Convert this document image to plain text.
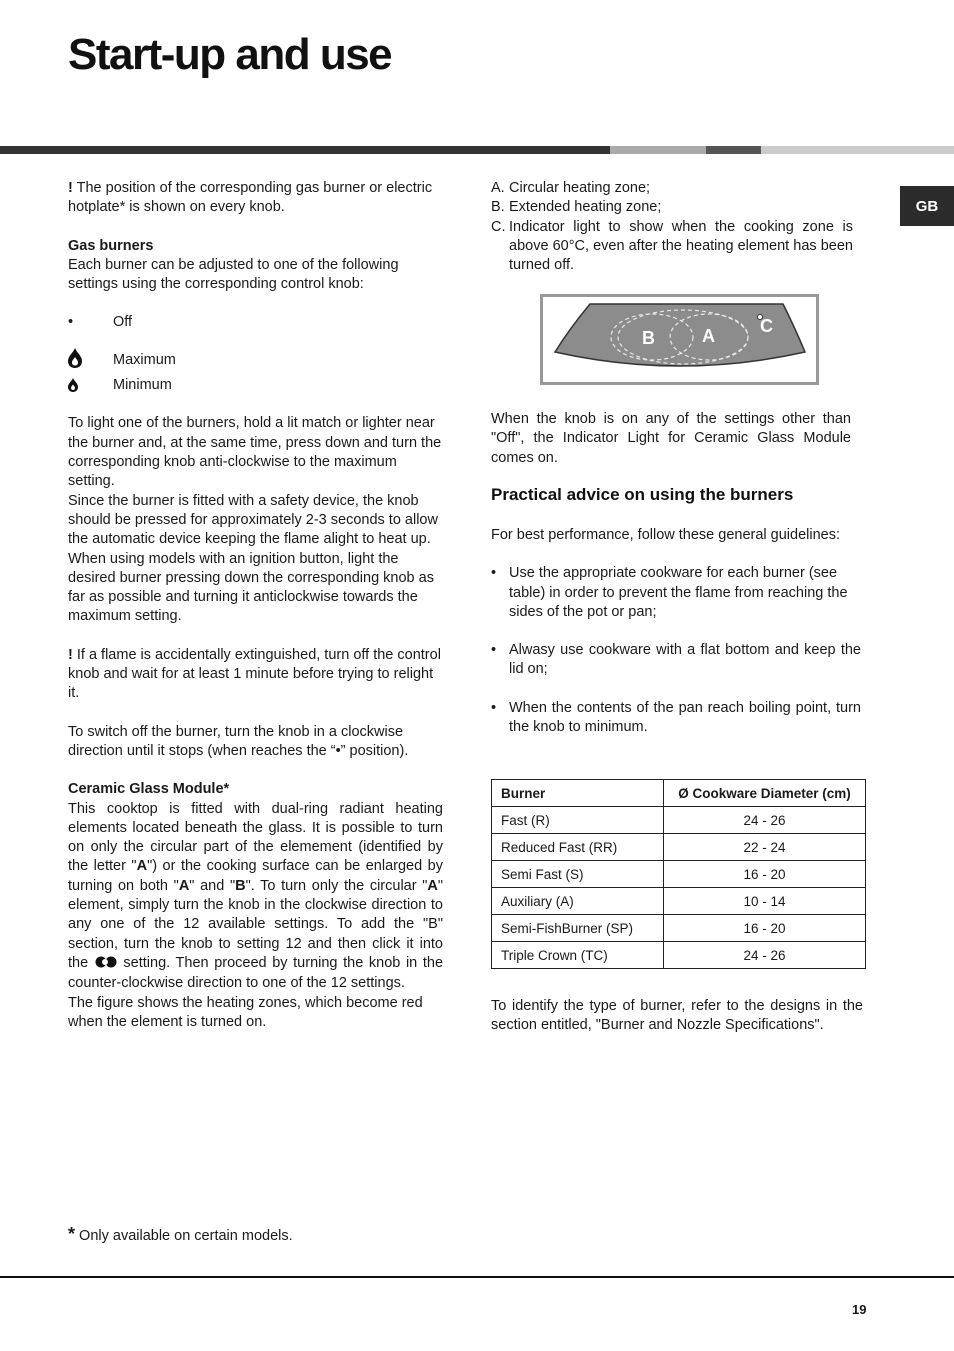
Start-up and use
GB

! The position of the corresponding gas burner or electric hotplate* is shown on every knob.

Gas burners

Each burner can be adjusted to one of the following settings using the corresponding control knob:

•	Off
Maximum
Minimum

To light one of the burners, hold a lit match or lighter near the burner and, at the same time, press down and turn the corresponding knob anti-clockwise to the maximum setting.

Since the burner is fitted with a safety device, the knob should be pressed for approximately 2-3 seconds to allow the automatic device keeping the flame alight to heat up.

When using models with an ignition button, light the desired burner pressing down the corresponding knob as far as possible and turning it anticlockwise towards the maximum setting.

! If a flame is accidentally extinguished, turn off the control knob and wait for at least 1 minute before trying to relight it.

To switch off the burner, turn the knob in a clockwise direction until it stops (when reaches the “•” position).

Ceramic Glass Module*

This cooktop is fitted with dual-ring radiant heating elements located beneath the glass. It is possible to turn on only the circular part of the elemement (identified by the letter "A") or the cooking surface can be enlarged by turning on both "A" and "B". To turn only the circular "A" element, simply turn the knob in the clockwise direction to any one of the 12 available settings. To add the "B" section, turn the knob to setting 12 and then click it into the setting. Then proceed by turning the knob in the counter-clockwise direction to one of the 12 settings.

The figure shows the heating zones, which become red when the element is turned on.

A. Circular heating zone;
B. Extended heating zone;
C. Indicator light to show when the cooking zone is above 60°C, even after the heating element has been turned off.
B	A	C
When the knob is on any of the settings other than "Off", the Indicator Light for Ceramic Glass Module comes on.
Practical advice on using the burners

For best performance, follow these general guidelines:

• Use the appropriate cookware for each burner (see table) in order to prevent the flame from reaching the sides of the pot or pan;
• Alwasy use cookware with a flat bottom and keep the lid on;
• When the contents of the pan reach boiling point, turn the knob to minimum.
Burner	Ø Cookware Diameter (cm)
Fast (R)	24 - 26
Reduced Fast (RR)	22 - 24
Semi Fast (S)	16 - 20
Auxiliary (A)	10 - 14
Semi-FishBurner (SP)	16 - 20
Triple Crown (TC)	24 - 26
To identify the type of burner, refer to the designs in the section entitled, "Burner and Nozzle Specifications".
* Only available on certain models.
19
